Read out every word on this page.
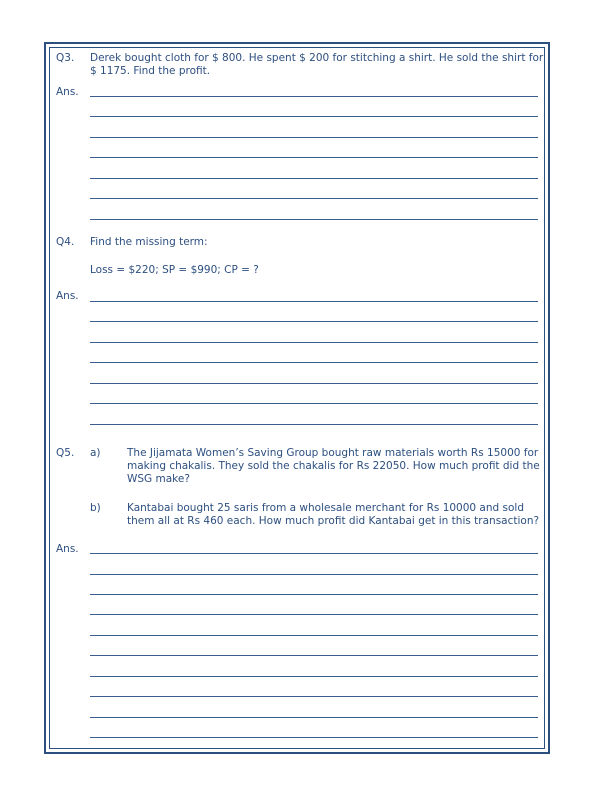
Q3. Derek bought cloth for $ 800. He spent $ 200 for stitching a shirt. He sold the shirt for $ 1175. Find the profit.
Ans.
Q4. Find the missing term:
Loss = $220; SP = $990; CP = ?
Ans.
Q5. a)	The Jijamata Women’s Saving Group bought raw materials worth Rs 15000 for making chakalis. They sold the chakalis for Rs 22050. How much profit did the WSG make?
b) Kantabai bought 25 saris from a wholesale merchant for Rs 10000 and sold them all at Rs 460 each. How much profit did Kantabai get in this transaction?
Ans.
